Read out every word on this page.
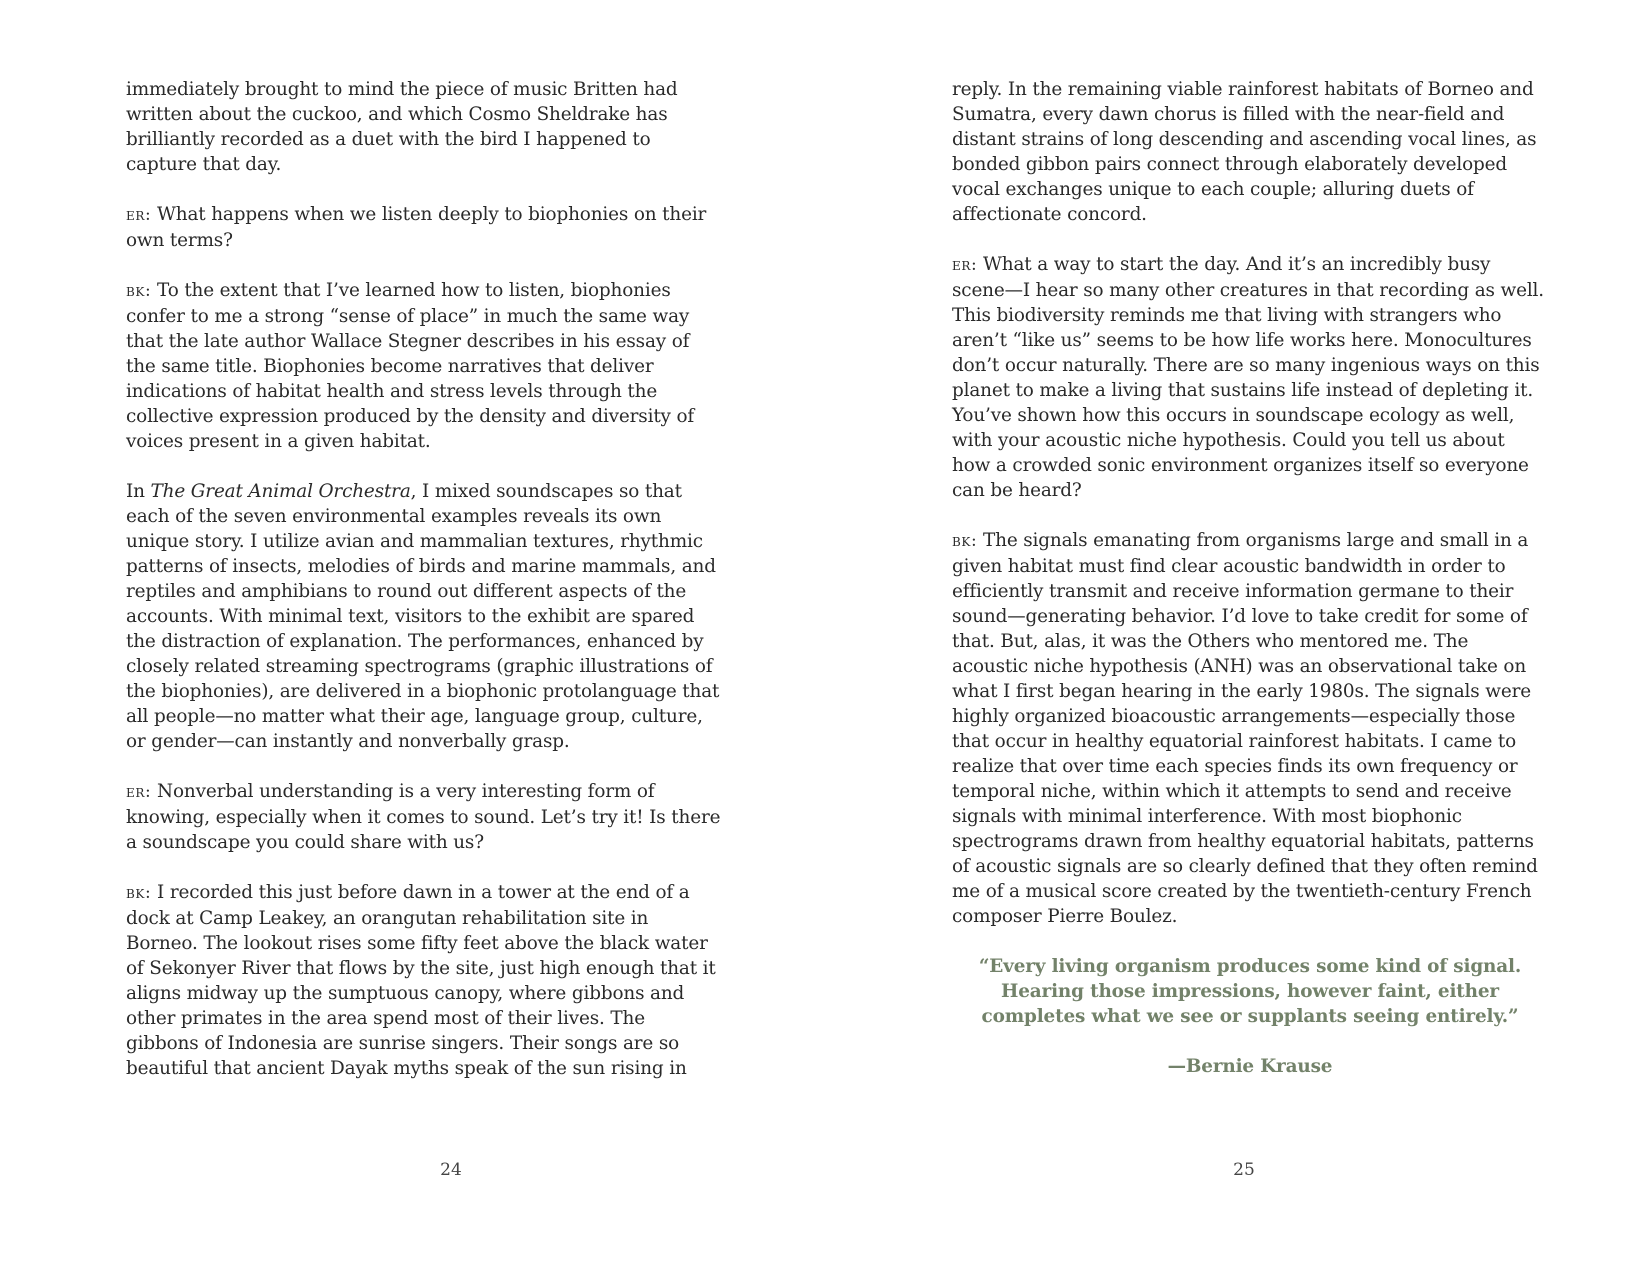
immediately brought to mind the piece of music Britten had written about the cuckoo, and which Cosmo Sheldrake has brilliantly recorded as a duet with the bird I happened to capture that day.

er: What happens when we listen deeply to biophonies on their own terms?

bk: To the extent that I’ve learned how to listen, biophonies confer to me a strong “sense of place” in much the same way that the late author Wallace Stegner describes in his essay of the same title. Biophonies become narratives that deliver indications of habitat health and stress levels through the collective expression produced by the density and diversity of voices present in a given habitat.

In The Great Animal Orchestra, I mixed soundscapes so that each of the seven environmental examples reveals its own unique story. I utilize avian and mammalian textures, rhythmic patterns of insects, melodies of birds and marine mammals, and reptiles and amphibians to round out different aspects of the accounts. With minimal text, visitors to the exhibit are spared the distraction of explanation. The performances, enhanced by closely related streaming spectrograms (graphic illustrations of the biophonies), are delivered in a biophonic protolanguage that all people—no matter what their age, language group, culture, or gender—can instantly and nonverbally grasp.

er: Nonverbal understanding is a very interesting form of knowing, especially when it comes to sound. Let’s try it! Is there a soundscape you could share with us?

bk: I recorded this just before dawn in a tower at the end of a dock at Camp Leakey, an orangutan rehabilitation site in Borneo. The lookout rises some fifty feet above the black water of Sekonyer River that flows by the site, just high enough that it aligns midway up the sumptuous canopy, where gibbons and other primates in the area spend most of their lives. The gibbons of Indonesia are sunrise singers. Their songs are so beautiful that ancient Dayak myths speak of the sun rising in

24

reply. In the remaining viable rainforest habitats of Borneo and Sumatra, every dawn chorus is filled with the near-field and distant strains of long descending and ascending vocal lines, as bonded gibbon pairs connect through elaborately developed vocal exchanges unique to each couple; alluring duets of affectionate concord.

er: What a way to start the day. And it’s an incredibly busy scene—I hear so many other creatures in that recording as well. This biodiversity reminds me that living with strangers who aren’t “like us” seems to be how life works here. Monocultures don’t occur naturally. There are so many ingenious ways on this planet to make a living that sustains life instead of depleting it. You’ve shown how this occurs in soundscape ecology as well, with your acoustic niche hypothesis. Could you tell us about how a crowded sonic environment organizes itself so everyone can be heard?

bk: The signals emanating from organisms large and small in a given habitat must find clear acoustic bandwidth in order to efficiently transmit and receive information germane to their sound—generating behavior. I’d love to take credit for some of that. But, alas, it was the Others who mentored me. The acoustic niche hypothesis (ANH) was an observational take on what I first began hearing in the early 1980s. The signals were highly organized bioacoustic arrangements—especially those that occur in healthy equatorial rainforest habitats. I came to realize that over time each species finds its own frequency or temporal niche, within which it attempts to send and receive signals with minimal interference. With most biophonic spectrograms drawn from healthy equatorial habitats, patterns of acoustic signals are so clearly defined that they often remind me of a musical score created by the twentieth-century French composer Pierre Boulez.

“Every living organism produces some kind of signal.
Hearing those impressions, however faint, either
completes what we see or supplants seeing entirely.”
—Bernie Krause
25
